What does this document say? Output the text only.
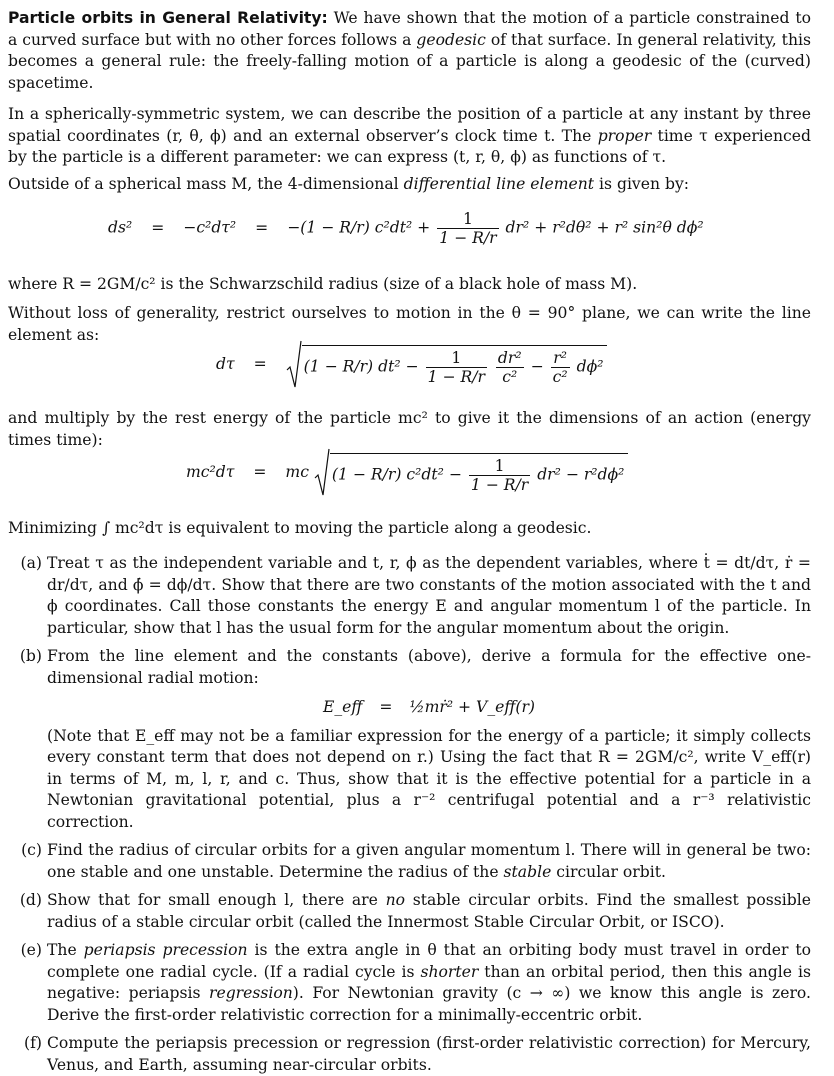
Particle orbits in General Relativity: We have shown that the motion of a particle constrained to a curved surface but with no other forces follows a geodesic of that surface. In general relativity, this becomes a general rule: the freely-falling motion of a particle is along a geodesic of the (curved) spacetime.
In a spherically-symmetric system, we can describe the position of a particle at any instant by three spatial coordinates (r, θ, ϕ) and an external observer’s clock time t. The proper time τ experienced by the particle is a different parameter: we can express (t, r, θ, ϕ) as functions of τ.
Outside of a spherical mass M, the 4-dimensional differential line element is given by:
ds² = −c²dτ² = −(1 − R/r) $c^2dt^2 + \frac{1}{1 - R/r} dr^2 + r^2d\theta^2 + r^2$ sin²θ dϕ²
where R = 2GM/c² is the Schwarzschild radius (size of a black hole of mass M).
Without loss of generality, restrict ourselves to motion in the θ = 90° plane, we can write the line element as:
dτ = (1 − R/r) $dt^2 - \frac{1}{1 - R/r}$
$\frac{\text{dr²}}{\text{c²}} - \frac{\text{r²}}{\text{c²}} d\phi^2$
and multiply by the rest energy of the particle mc² to give it the dimensions of an action (energy times time):
mc²dτ = mc (1 − R/r) $c^2dt^2 - \frac{1}{1 - R/r} dr^2 - r^2d\phi^2$
Minimizing ∫ mc²dτ is equivalent to moving the particle along a geodesic.
(a) Treat τ as the independent variable and t, r, ϕ as the dependent variables, where ṫ = dt/dτ, ṙ = dr/dτ, and ϕ̇ = dϕ/dτ. Show that there are two constants of the motion associated with the t and ϕ coordinates. Call those constants the energy E and angular momentum l of the particle. In particular, show that l has the usual form for the angular momentum about the origin.
(b) From the line element and the constants (above), derive a formula for the effective one-dimensional radial motion:
E_eff = ½mṙ² + V_eff(r)
(Note that E_eff may not be a familiar expression for the energy of a particle; it simply collects every constant term that does not depend on r.) Using the fact that R = 2GM/c², write V_eff(r) in terms of M, m, l, r, and c. Thus, show that it is the effective potential for a particle in a Newtonian gravitational potential, plus a r⁻² centrifugal potential and a r⁻³ relativistic correction.
(c) Find the radius of circular orbits for a given angular momentum l. There will in general be two: one stable and one unstable. Determine the radius of the stable circular orbit.
(d) Show that for small enough l, there are no stable circular orbits. Find the smallest possible radius of a stable circular orbit (called the Innermost Stable Circular Orbit, or ISCO).
(e) The periapsis precession is the extra angle in θ that an orbiting body must travel in order to complete one radial cycle. (If a radial cycle is shorter than an orbital period, then this angle is negative: periapsis regression). For Newtonian gravity (c → ∞) we know this angle is zero. Derive the first-order relativistic correction for a minimally-eccentric orbit.
(f) Compute the periapsis precession or regression (first-order relativistic correction) for Mercury, Venus, and Earth, assuming near-circular orbits.
